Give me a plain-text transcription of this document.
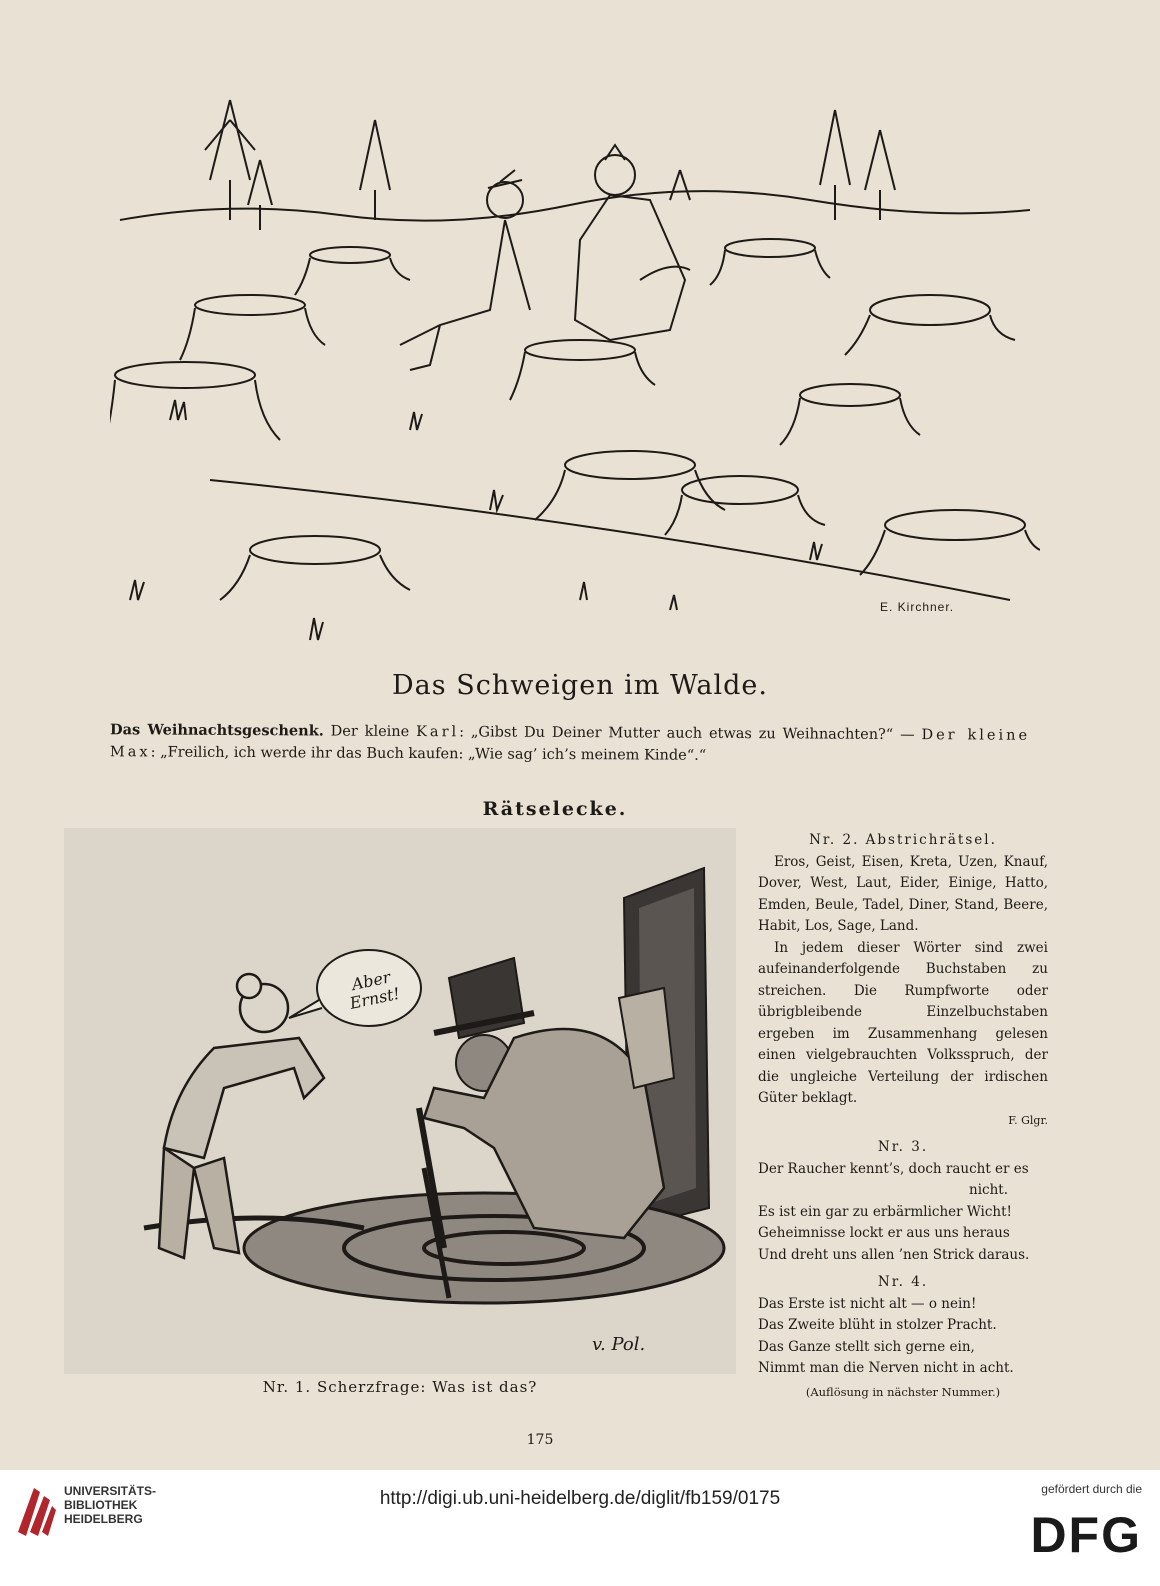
E. Kirchner.
Das Schweigen im Walde.
Das Weihnachtsgeschenk. Der kleine Karl: „Gibst Du Deiner Mutter auch etwas zu Weihnachten?“ — Der kleine Max: „Freilich, ich werde ihr das Buch kaufen: „Wie sag’ ich’s meinem Kinde“.“
Rätselecke.
Aber Ernst!
v. Pol.
Nr. 1. Scherzfrage: Was ist das?

Nr. 2. Abstrichrätsel.

Eros, Geist, Eisen, Kreta, Uzen, Knauf, Dover, West, Laut, Eider, Einige, Hatto, Emden, Beule, Tadel, Diner, Stand, Beere, Habit, Los, Sage, Land.

In jedem dieser Wörter sind zwei aufeinanderfolgende Buchstaben zu streichen. Die Rumpfworte oder übrigbleibende Einzelbuchstaben ergeben im Zusammenhang gelesen einen vielgebrauchten Volksspruch, der die ungleiche Verteilung der irdischen Güter beklagt.

F. Glgr.

Nr. 3.

Der Raucher kennt’s, doch raucht er es

nicht.

Es ist ein gar zu erbärmlicher Wicht!

Geheimnisse lockt er aus uns heraus

Und dreht uns allen ’nen Strick daraus.

Nr. 4.

Das Erste ist nicht alt — o nein!

Das Zweite blüht in stolzer Pracht.

Das Ganze stellt sich gerne ein,

Nimmt man die Nerven nicht in acht.

(Auflösung in nächster Nummer.)

175
UNIVERSITÄTS-
BIBLIOTHEK
HEIDELBERG
http://digi.ub.uni-heidelberg.de/diglit/fb159/0175	gefördert durch die
DFG
